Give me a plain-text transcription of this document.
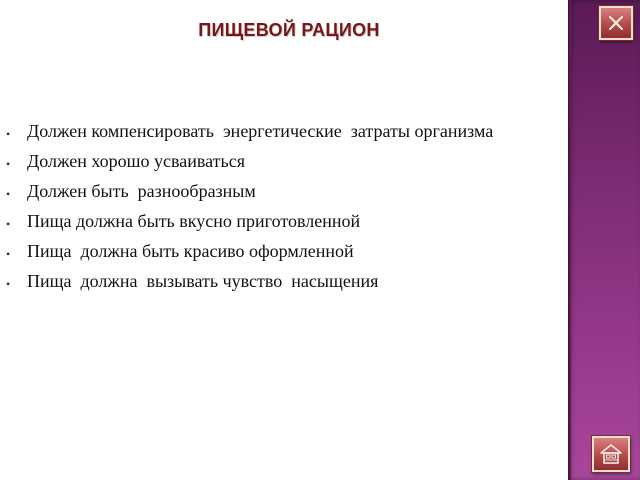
ПИЩЕВОЙ РАЦИОН
• Должен компенсировать  энергетические  затраты организма
• Должен хорошо усваиваться
• Должен быть  разнообразным
• Пища должна быть вкусно приготовленной
• Пища  должна быть красиво оформленной
• Пища  должна  вызывать чувство  насыщения
